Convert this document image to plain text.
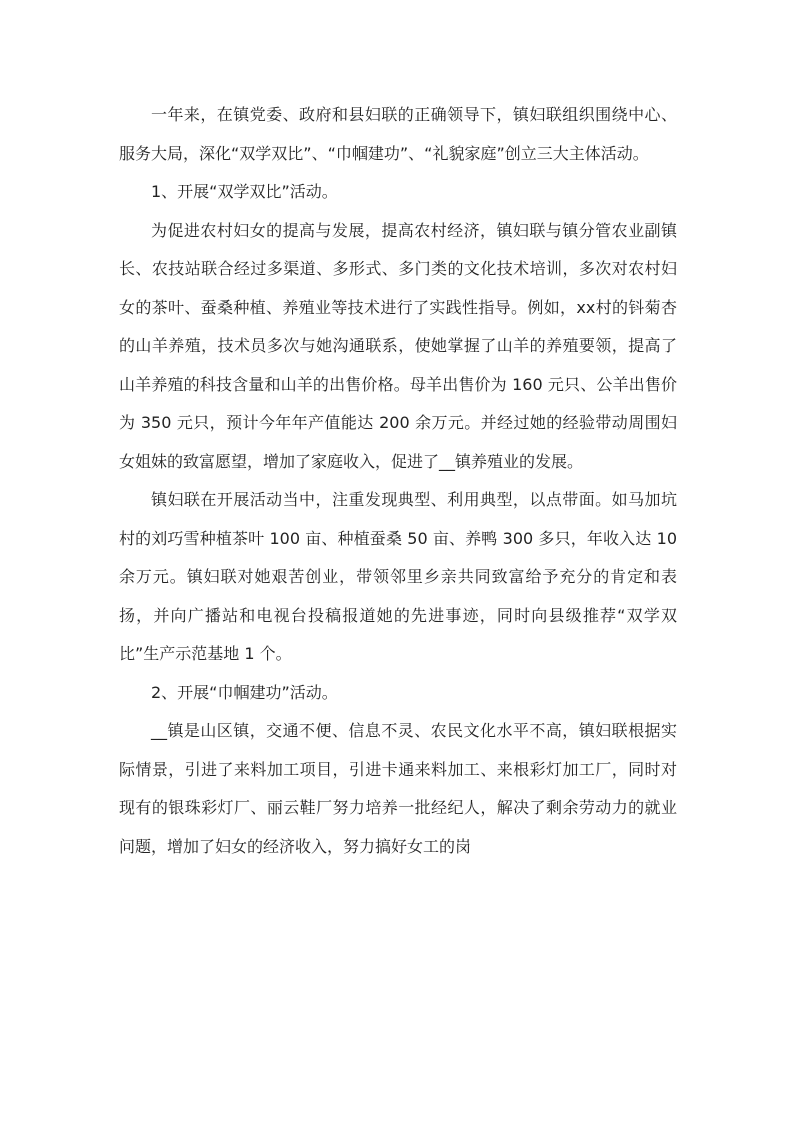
一年来，在镇党委、政府和县妇联的正确领导下，镇妇联组织围绕中心、服务大局，深化“双学双比”、“巾帼建功”、“礼貌家庭”创立三大主体活动。

1、开展“双学双比”活动。

为促进农村妇女的提高与发展，提高农村经济，镇妇联与镇分管农业副镇长、农技站联合经过多渠道、多形式、多门类的文化技术培训，多次对农村妇女的茶叶、蚕桑种植、养殖业等技术进行了实践性指导。例如，xx村的钭菊杏的山羊养殖，技术员多次与她沟通联系，使她掌握了山羊的养殖要领，提高了山羊养殖的科技含量和山羊的出售价格。母羊出售价为 160 元只、公羊出售价为 350 元只，预计今年年产值能达 200 余万元。并经过她的经验带动周围妇女姐妹的致富愿望，增加了家庭收入，促进了__镇养殖业的发展。

镇妇联在开展活动当中，注重发现典型、利用典型，以点带面。如马加坑村的刘巧雪种植茶叶 100 亩、种植蚕桑 50 亩、养鸭 300 多只，年收入达 10 余万元。镇妇联对她艰苦创业，带领邻里乡亲共同致富给予充分的肯定和表扬，并向广播站和电视台投稿报道她的先进事迹，同时向县级推荐“双学双比”生产示范基地 1 个。

2、开展“巾帼建功”活动。

__镇是山区镇，交通不便、信息不灵、农民文化水平不高，镇妇联根据实际情景，引进了来料加工项目，引进卡通来料加工、来根彩灯加工厂，同时对现有的银珠彩灯厂、丽云鞋厂努力培养一批经纪人，解决了剩余劳动力的就业问题，增加了妇女的经济收入，努力搞好女工的岗
